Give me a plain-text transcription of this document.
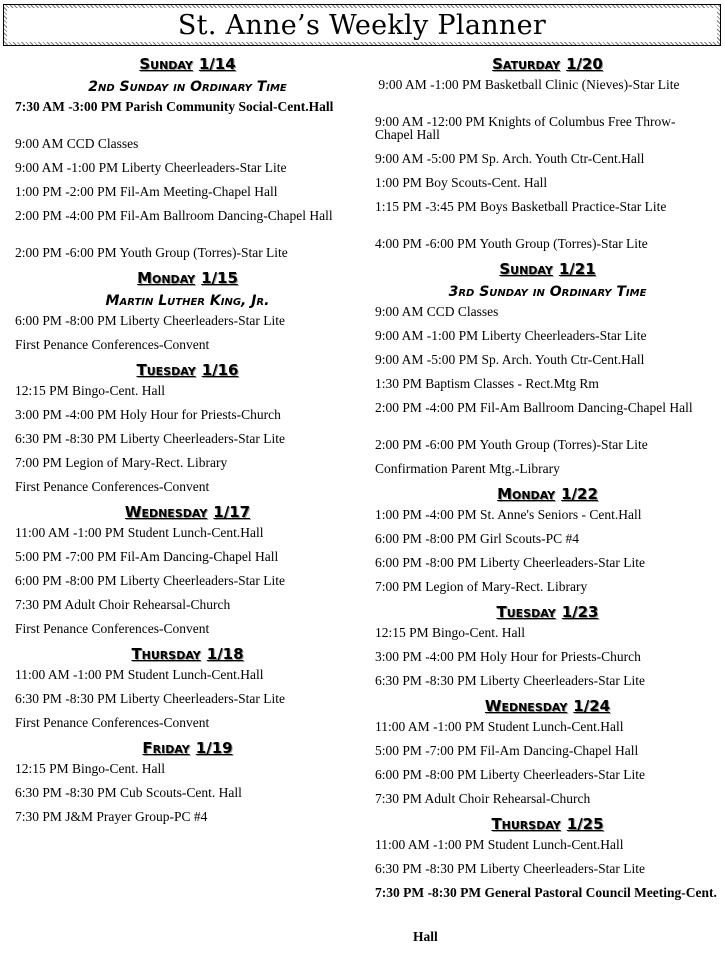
St. Anne’s Weekly Planner
Sunday 1/14
2nd Sunday in Ordinary Time
7:30 AM -3:00 PM Parish Community Social-Cent.Hall
9:00 AM CCD Classes
9:00 AM -1:00 PM Liberty Cheerleaders-Star Lite
1:00 PM -2:00 PM Fil-Am Meeting-Chapel Hall
2:00 PM -4:00 PM Fil-Am Ballroom Dancing-Chapel Hall
2:00 PM -6:00 PM Youth Group (Torres)-Star Lite
Monday 1/15
Martin Luther King, Jr.
6:00 PM -8:00 PM Liberty Cheerleaders-Star Lite
First Penance Conferences-Convent
Tuesday 1/16
12:15 PM Bingo-Cent. Hall
3:00 PM -4:00 PM Holy Hour for Priests-Church
6:30 PM -8:30 PM Liberty Cheerleaders-Star Lite
7:00 PM Legion of Mary-Rect. Library
First Penance Conferences-Convent
Wednesday 1/17
11:00 AM -1:00 PM Student Lunch-Cent.Hall
5:00 PM -7:00 PM Fil-Am Dancing-Chapel Hall
6:00 PM -8:00 PM Liberty Cheerleaders-Star Lite
7:30 PM Adult Choir Rehearsal-Church
First Penance Conferences-Convent
Thursday 1/18
11:00 AM -1:00 PM Student Lunch-Cent.Hall
6:30 PM -8:30 PM Liberty Cheerleaders-Star Lite
First Penance Conferences-Convent
Friday 1/19
12:15 PM Bingo-Cent. Hall
6:30 PM -8:30 PM Cub Scouts-Cent. Hall
7:30 PM J&M Prayer Group-PC #4
Saturday 1/20
9:00 AM -1:00 PM Basketball Clinic (Nieves)-Star Lite
9:00 AM -12:00 PM Knights of Columbus Free Throw-          Chapel Hall
9:00 AM -5:00 PM Sp. Arch. Youth Ctr-Cent.Hall
1:00 PM Boy Scouts-Cent. Hall
1:15 PM -3:45 PM Boys Basketball Practice-Star Lite
4:00 PM -6:00 PM Youth Group (Torres)-Star Lite
Sunday 1/21
3rd Sunday in Ordinary Time
9:00 AM CCD Classes
9:00 AM -1:00 PM Liberty Cheerleaders-Star Lite
9:00 AM -5:00 PM Sp. Arch. Youth Ctr-Cent.Hall
1:30 PM Baptism Classes - Rect.Mtg Rm
2:00 PM -4:00 PM Fil-Am Ballroom Dancing-Chapel Hall
2:00 PM -6:00 PM Youth Group (Torres)-Star Lite
Confirmation Parent Mtg.-Library
Monday 1/22
1:00 PM -4:00 PM St. Anne's Seniors - Cent.Hall
6:00 PM -8:00 PM Girl Scouts-PC #4
6:00 PM -8:00 PM Liberty Cheerleaders-Star Lite
7:00 PM Legion of Mary-Rect. Library
Tuesday 1/23
12:15 PM Bingo-Cent. Hall
3:00 PM -4:00 PM Holy Hour for Priests-Church
6:30 PM -8:30 PM Liberty Cheerleaders-Star Lite
Wednesday 1/24
11:00 AM -1:00 PM Student Lunch-Cent.Hall
5:00 PM -7:00 PM Fil-Am Dancing-Chapel Hall
6:00 PM -8:00 PM Liberty Cheerleaders-Star Lite
7:30 PM Adult Choir Rehearsal-Church
Thursday 1/25
11:00 AM -1:00 PM Student Lunch-Cent.Hall
6:30 PM -8:30 PM Liberty Cheerleaders-Star Lite
7:30 PM -8:30 PM General Pastoral Council Meeting-Cent.
Hall
